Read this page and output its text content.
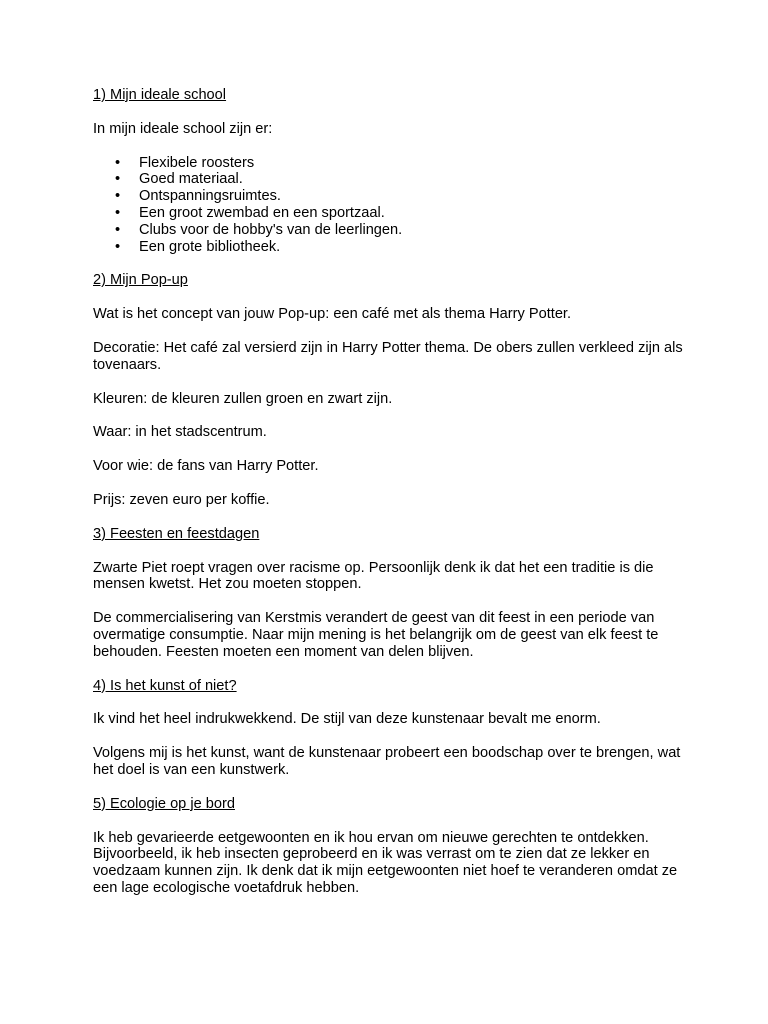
1) Mijn ideale school

In mijn ideale school zijn er:

• Flexibele roosters
• Goed materiaal.
• Ontspanningsruimtes.
• Een groot zwembad en een sportzaal.
• Clubs voor de hobby's van de leerlingen.
• Een grote bibliotheek.
2) Mijn Pop-up

Wat is het concept van jouw Pop-up: een café met als thema Harry Potter.

Decoratie: Het café zal versierd zijn in Harry Potter thema. De obers zullen verkleed zijn als tovenaars.

Kleuren: de kleuren zullen groen en zwart zijn.

Waar: in het stadscentrum.

Voor wie: de fans van Harry Potter.

Prijs: zeven euro per koffie.

3) Feesten en feestdagen

Zwarte Piet roept vragen over racisme op. Persoonlijk denk ik dat het een traditie is die mensen kwetst. Het zou moeten stoppen.

De commercialisering van Kerstmis verandert de geest van dit feest in een periode van overmatige consumptie. Naar mijn mening is het belangrijk om de geest van elk feest te behouden. Feesten moeten een moment van delen blijven.

4) Is het kunst of niet?

Ik vind het heel indrukwekkend. De stijl van deze kunstenaar bevalt me enorm.

Volgens mij is het kunst, want de kunstenaar probeert een boodschap over te brengen, wat het doel is van een kunstwerk.

5) Ecologie op je bord

Ik heb gevarieerde eetgewoonten en ik hou ervan om nieuwe gerechten te ontdekken. Bijvoorbeeld, ik heb insecten geprobeerd en ik was verrast om te zien dat ze lekker en voedzaam kunnen zijn. Ik denk dat ik mijn eetgewoonten niet hoef te veranderen omdat ze een lage ecologische voetafdruk hebben.
